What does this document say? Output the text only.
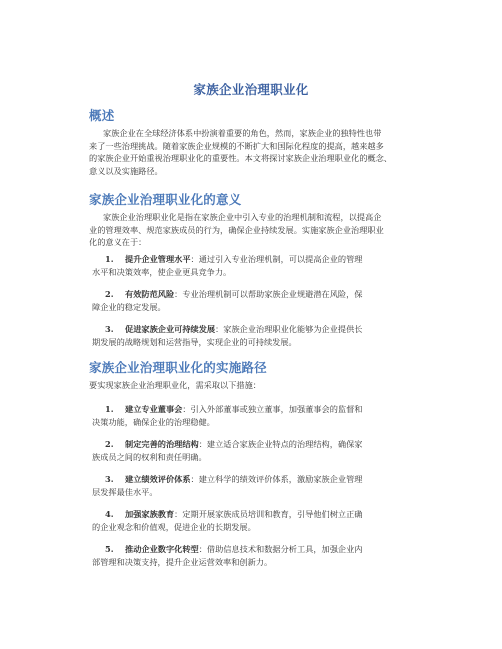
家族企业治理职业化
概述
家族企业在全球经济体系中扮演着重要的角色，然而，家族企业的独特性也带
来了一些治理挑战。随着家族企业规模的不断扩大和国际化程度的提高，越来越多
的家族企业开始重视治理职业化的重要性。本文将探讨家族企业治理职业化的概念、
意义以及实施路径。
家族企业治理职业化的意义
家族企业治理职业化是指在家族企业中引入专业的治理机制和流程，以提高企
业的管理效率、规范家族成员的行为，确保企业持续发展。实施家族企业治理职业
化的意义在于：
1. 提升企业管理水平：通过引入专业治理机制，可以提高企业的管理
水平和决策效率，使企业更具竞争力。
2. 有效防范风险：专业治理机制可以帮助家族企业规避潜在风险，保
障企业的稳定发展。
3. 促进家族企业可持续发展：家族企业治理职业化能够为企业提供长
期发展的战略规划和运营指导，实现企业的可持续发展。
家族企业治理职业化的实施路径
要实现家族企业治理职业化，需采取以下措施：
1. 建立专业董事会：引入外部董事或独立董事，加强董事会的监督和
决策功能，确保企业的治理稳健。
2. 制定完善的治理结构：建立适合家族企业特点的治理结构，确保家
族成员之间的权利和责任明确。
3. 建立绩效评价体系：建立科学的绩效评价体系，激励家族企业管理
层发挥最佳水平。
4. 加强家族教育：定期开展家族成员培训和教育，引导他们树立正确
的企业观念和价值观，促进企业的长期发展。
5. 推动企业数字化转型：借助信息技术和数据分析工具，加强企业内
部管理和决策支持，提升企业运营效率和创新力。
